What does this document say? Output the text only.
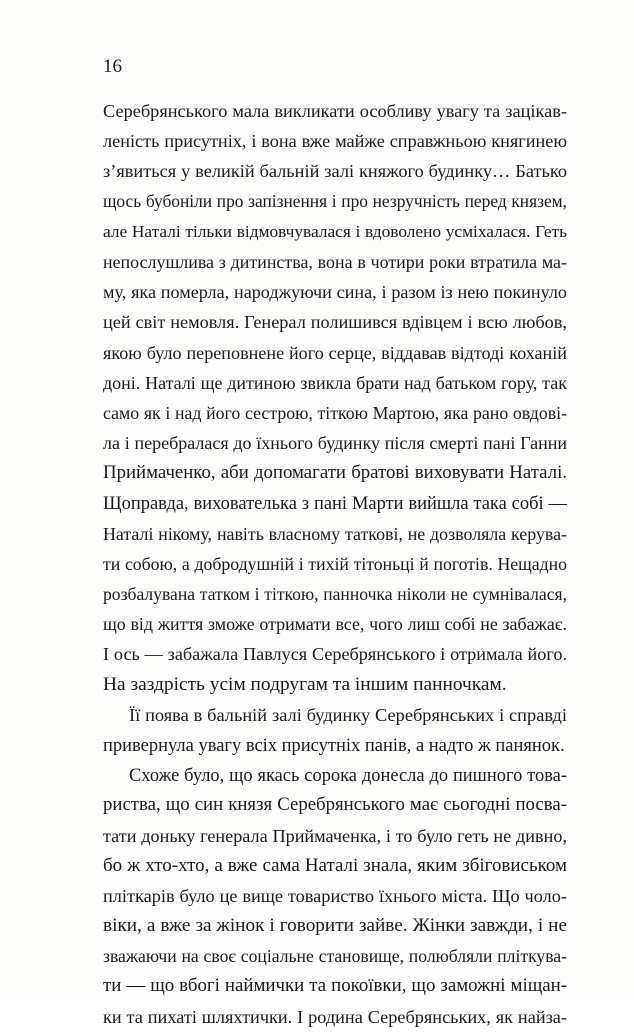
16
Серебрянського мала викликати особливу увагу та зацікав-
леність присутніх, і вона вже майже справжньою княгинею
з’явиться у великій бальній залі княжого будинку… Батько
щось бубоніли про запізнення і про незручність перед князем,
але Наталі тільки відмовчувалася і вдоволено усміхалася. Геть
непослушлива з дитинства, вона в чотири роки втратила ма-
му, яка померла, народжуючи сина, і разом із нею покинуло
цей світ немовля. Генерал полишився вдівцем і всю любов,
якою було переповнене його серце, віддавав відтоді коханій
доні. Наталі ще дитиною звикла брати над батьком гору, так
само як і над його сестрою, тіткою Мартою, яка рано овдові-
ла і перебралася до їхнього будинку після смерті пані Ганни
Приймаченко, аби допомагати братові виховувати Наталі.
Щоправда, вихователька з пані Марти вийшла така собі —
Наталі нікому, навіть власному таткові, не дозволяла керува-
ти собою, а добродушній і тихій тітоньці й поготів. Нещадно
розбалувана татком і тіткою, панночка ніколи не сумнівалася,
що від життя зможе отримати все, чого лиш собі не забажає.
І ось — забажала Павлуся Серебрянського і отримала його.
На заздрість усім подругам та іншим панночкам.
Її поява в бальній залі будинку Серебрянських і справді
привернула увагу всіх присутніх панів, а надто ж панянок.
Схоже було, що якась сорока донесла до пишного това-
риства, що син князя Серебрянського має сьогодні посва-
тати доньку генерала Приймаченка, і то було геть не дивно,
бо ж хто-хто, а вже сама Наталі знала, яким збіговиськом
пліткарів було це вище товариство їхнього міста. Що чоло-
віки, а вже за жінок і говорити зайве. Жінки завжди, і не
зважаючи на своє соціальне становище, полюбляли пліткува-
ти — що вбогі наймички та покоївки, що заможні міщан-
ки та пихаті шляхтички. І родина Серебрянських, як найза-
